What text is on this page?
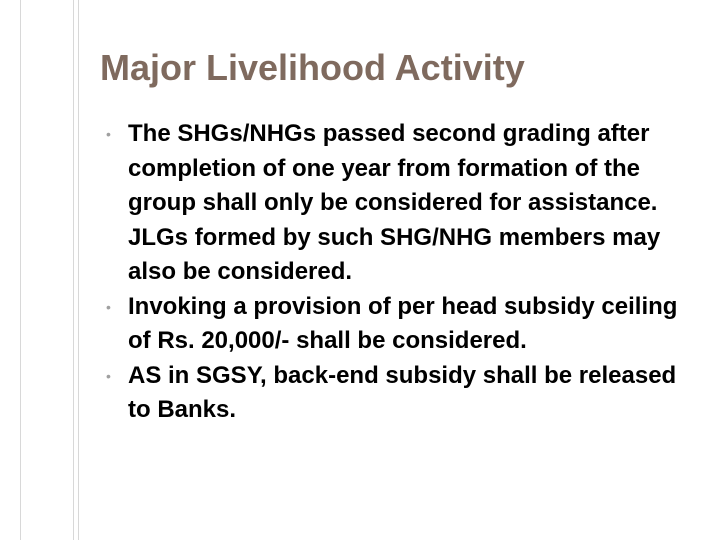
Major Livelihood Activity
• The SHGs/NHGs passed second grading after completion of one year from formation of the group shall only be considered for assistance. JLGs formed by such SHG/NHG members may also be considered.
• Invoking a provision of per head subsidy ceiling of Rs. 20,000/- shall be considered.
• AS in SGSY, back-end subsidy shall be released to Banks.
